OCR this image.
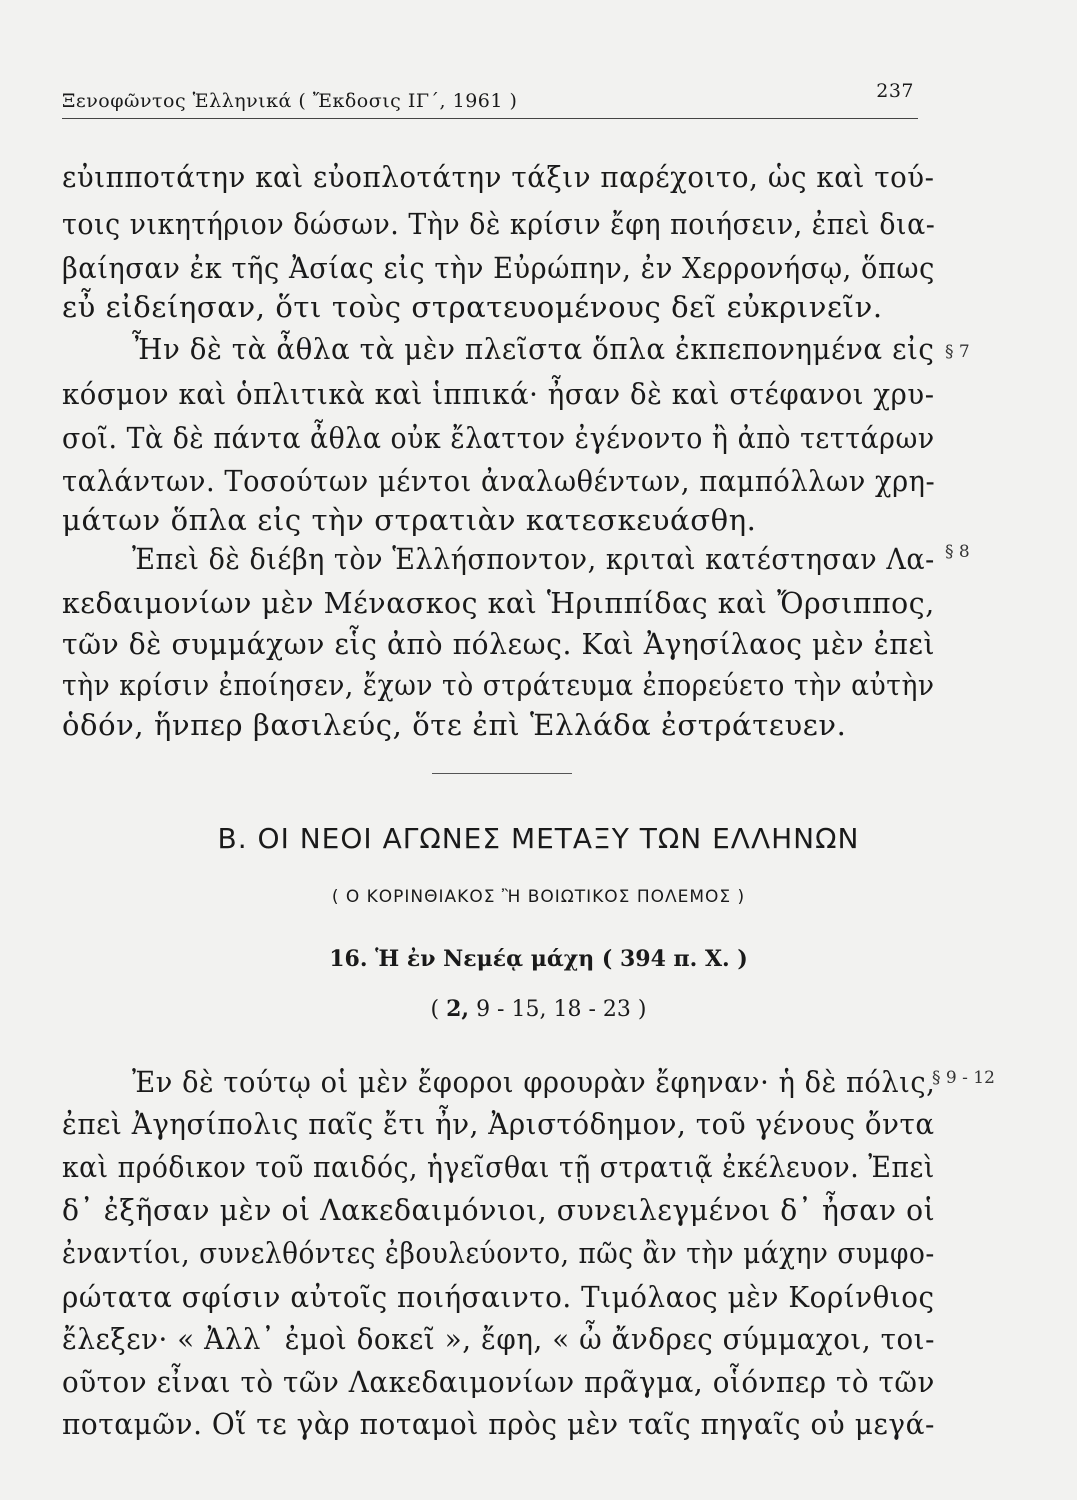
Ξενοφῶντος Ἑλληνικά ( Ἔκδοσις ΙΓ΄, 1961 )	237
εὐιπποτάτην καὶ εὐοπλοτάτην τάξιν παρέχοιτο, ὡς καὶ τού-
τοις νικητήριον δώσων. Τὴν δὲ κρίσιν ἔφη ποιήσειν, ἐπεὶ δια-
βαίησαν ἐκ τῆς Ἀσίας εἰς τὴν Εὐρώπην, ἐν Χερρονήσῳ, ὅπως
εὖ εἰδείησαν, ὅτι τοὺς στρατευομένους δεῖ εὐκρινεῖν.
Ἦν δὲ τὰ ἆθλα τὰ μὲν πλεῖστα ὅπλα ἐκπεπονημένα εἰς § 7
κόσμον καὶ ὁπλιτικὰ καὶ ἱππικά· ἦσαν δὲ καὶ στέφανοι χρυ-
σοῖ. Τὰ δὲ πάντα ἆθλα οὐκ ἔλαττον ἐγένοντο ἢ ἀπὸ τεττάρων
ταλάντων. Τοσούτων μέντοι ἀναλωθέντων, παμπόλλων χρη-
μάτων ὅπλα εἰς τὴν στρατιὰν κατεσκευάσθη.
Ἐπεὶ δὲ διέβη τὸν Ἑλλήσποντον, κριταὶ κατέστησαν Λα- § 8
κεδαιμονίων μὲν Μένασκος καὶ Ἡριππίδας καὶ Ὄρσιππος,
τῶν δὲ συμμάχων εἷς ἀπὸ πόλεως. Καὶ Ἀγησίλαος μὲν ἐπεὶ
τὴν κρίσιν ἐποίησεν, ἔχων τὸ στράτευμα ἐπορεύετο τὴν αὐτὴν
ὁδόν, ἥνπερ βασιλεύς, ὅτε ἐπὶ Ἑλλάδα ἐστράτευεν.
Β. ΟΙ ΝΕΟΙ ΑΓΩΝΕΣ ΜΕΤΑΞΥ ΤΩΝ ΕΛΛΗΝΩΝ
( Ο ΚΟΡΙΝΘΙΑΚΟΣ Ἢ ΒΟΙΩΤΙΚΟΣ ΠΟΛΕΜΟΣ )
16. Ἡ ἐν Νεμέᾳ μάχη ( 394 π. Χ. )
( 2, 9 - 15, 18 - 23 )
Ἐν δὲ τούτῳ οἱ μὲν ἔφοροι φρουρὰν ἔφηναν· ἡ δὲ πόλις,
§ 9 - 12
ἐπεὶ Ἀγησίπολις παῖς ἔτι ἦν, Ἀριστόδημον, τοῦ γένους ὄντα
καὶ πρόδικον τοῦ παιδός, ἡγεῖσθαι τῇ στρατιᾷ ἐκέλευον. Ἐπεὶ
δ᾽ ἐξῆσαν μὲν οἱ Λακεδαιμόνιοι, συνειλεγμένοι δ᾽ ἦσαν οἱ
ἐναντίοι, συνελθόντες ἐβουλεύοντο, πῶς ἂν τὴν μάχην συμφο-
ρώτατα σφίσιν αὐτοῖς ποιήσαιντο. Τιμόλαος μὲν Κορίνθιος
ἔλεξεν· « Ἀλλ᾽ ἐμοὶ δοκεῖ », ἔφη, « ὦ ἄνδρες σύμμαχοι, τοι-
οῦτον εἶναι τὸ τῶν Λακεδαιμονίων πρᾶγμα, οἷόνπερ τὸ τῶν
ποταμῶν. Οἵ τε γὰρ ποταμοὶ πρὸς μὲν ταῖς πηγαῖς οὐ μεγά-
